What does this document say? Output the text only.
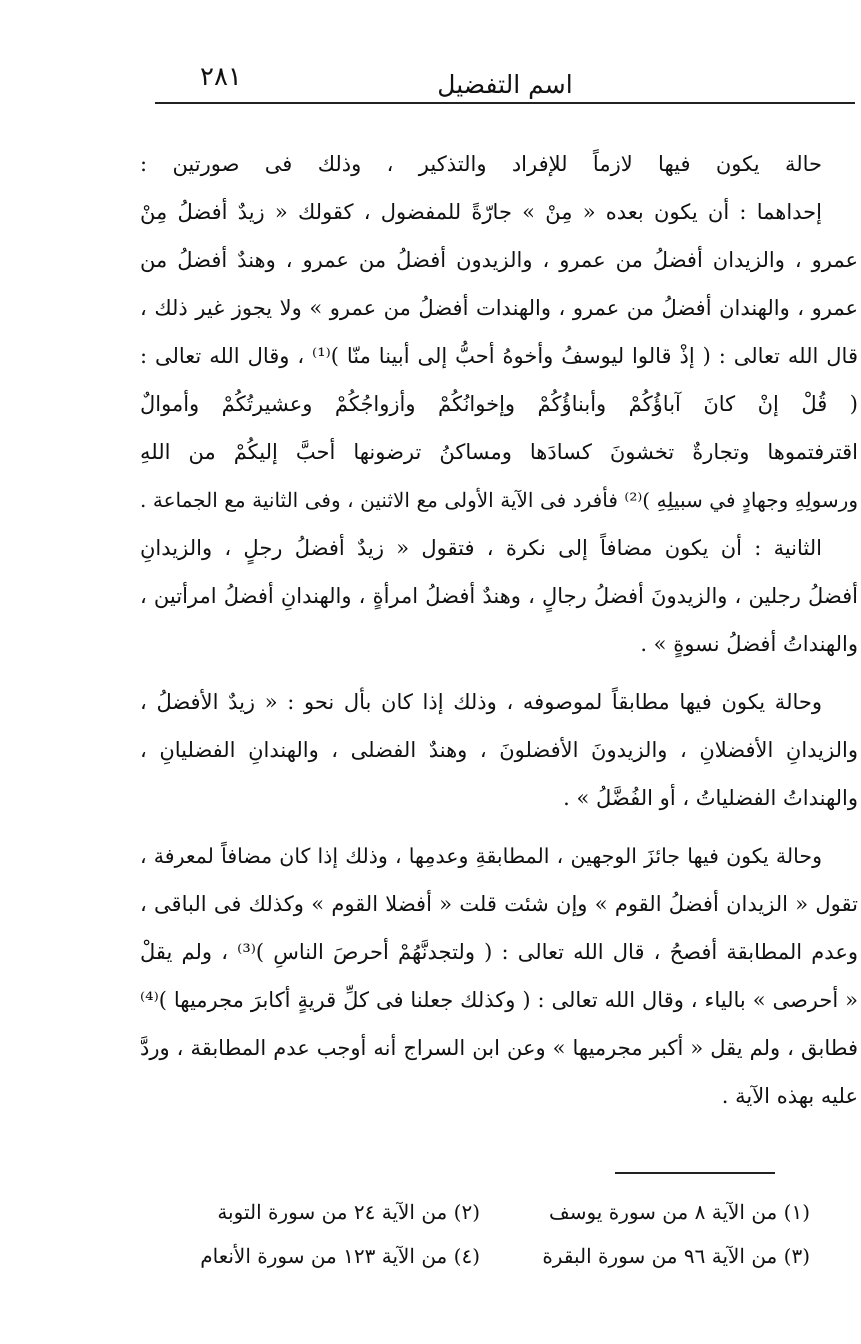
٢٨١	اسم التفضيل
حالة يكون فيها لازماً للإفراد والتذكير ، وذلك فى صورتين :
إحداهما : أن يكون بعده « مِنْ » جارّةً للمفضول ، كقولك « زيدٌ أفضلُ مِنْ
عمرو ، والزيدان أفضلُ من عمرو ، والزيدون أفضلُ من عمرو ، وهندٌ أفضلُ من
عمرو ، والهندان أفضلُ من عمرو ، والهندات أفضلُ من عمرو » ولا يجوز غير ذلك ،
قال الله تعالى : ( إذْ قالوا ليوسفُ وأخوهُ أحبُّ إلى أبينا منّا )⁽¹⁾ ، وقال الله تعالى :
( قُلْ إنْ كانَ آباؤُكُمْ وأبناؤُكُمْ وإخوانُكُمْ وأزواجُكُمْ وعشيرتُكُمْ وأموالٌ
اقترفتموها وتجارةٌ تخشونَ كسادَها ومساكنُ ترضونها أحبَّ إليكُمْ من اللهِ
ورسولِهِ وجهادٍ في سبيلِهِ )⁽²⁾ فأفرد فى الآية الأولى مع الاثنين ، وفى الثانية مع الجماعة .
الثانية : أن يكون مضافاً إلى نكرة ، فتقول « زيدٌ أفضلُ رجلٍ ، والزيدانِ
أفضلُ رجلين ، والزيدونَ أفضلُ رجالٍ ، وهندٌ أفضلُ امرأةٍ ، والهندانِ أفضلُ امرأتين ،
والهنداتُ أفضلُ نسوةٍ » .
وحالة يكون فيها مطابقاً لموصوفه ، وذلك إذا كان بأل نحو : « زيدٌ الأفضلُ ،
والزيدانِ الأفضلانِ ، والزيدونَ الأفضلونَ ، وهندٌ الفضلى ، والهندانِ الفضليانِ ،
والهنداتُ الفضلياتُ ، أو الفُضَّلُ » .
وحالة يكون فيها جائزَ الوجهين ، المطابقةِ وعدمِها ، وذلك إذا كان مضافاً لمعرفة ،
تقول « الزيدان أفضلُ القوم » وإن شئت قلت « أفضلا القوم » وكذلك فى الباقى ،
وعدم المطابقة أفصحُ ، قال الله تعالى : ( ولتجدنَّهُمْ أحرصَ الناسِ )⁽³⁾ ، ولم يقلْ
« أحرصى » بالياء ، وقال الله تعالى : ( وكذلك جعلنا فى كلِّ قريةٍ أكابرَ مجرميها )⁽⁴⁾
فطابق ، ولم يقل « أكبر مجرميها » وعن ابن السراج أنه أوجب عدم المطابقة ، وردَّ
عليه بهذه الآية .
(١) من الآية ٨ من سورة يوسف
(٢) من الآية ٢٤ من سورة التوبة
(٣) من الآية ٩٦ من سورة البقرة
(٤) من الآية ١٢٣ من سورة الأنعام
